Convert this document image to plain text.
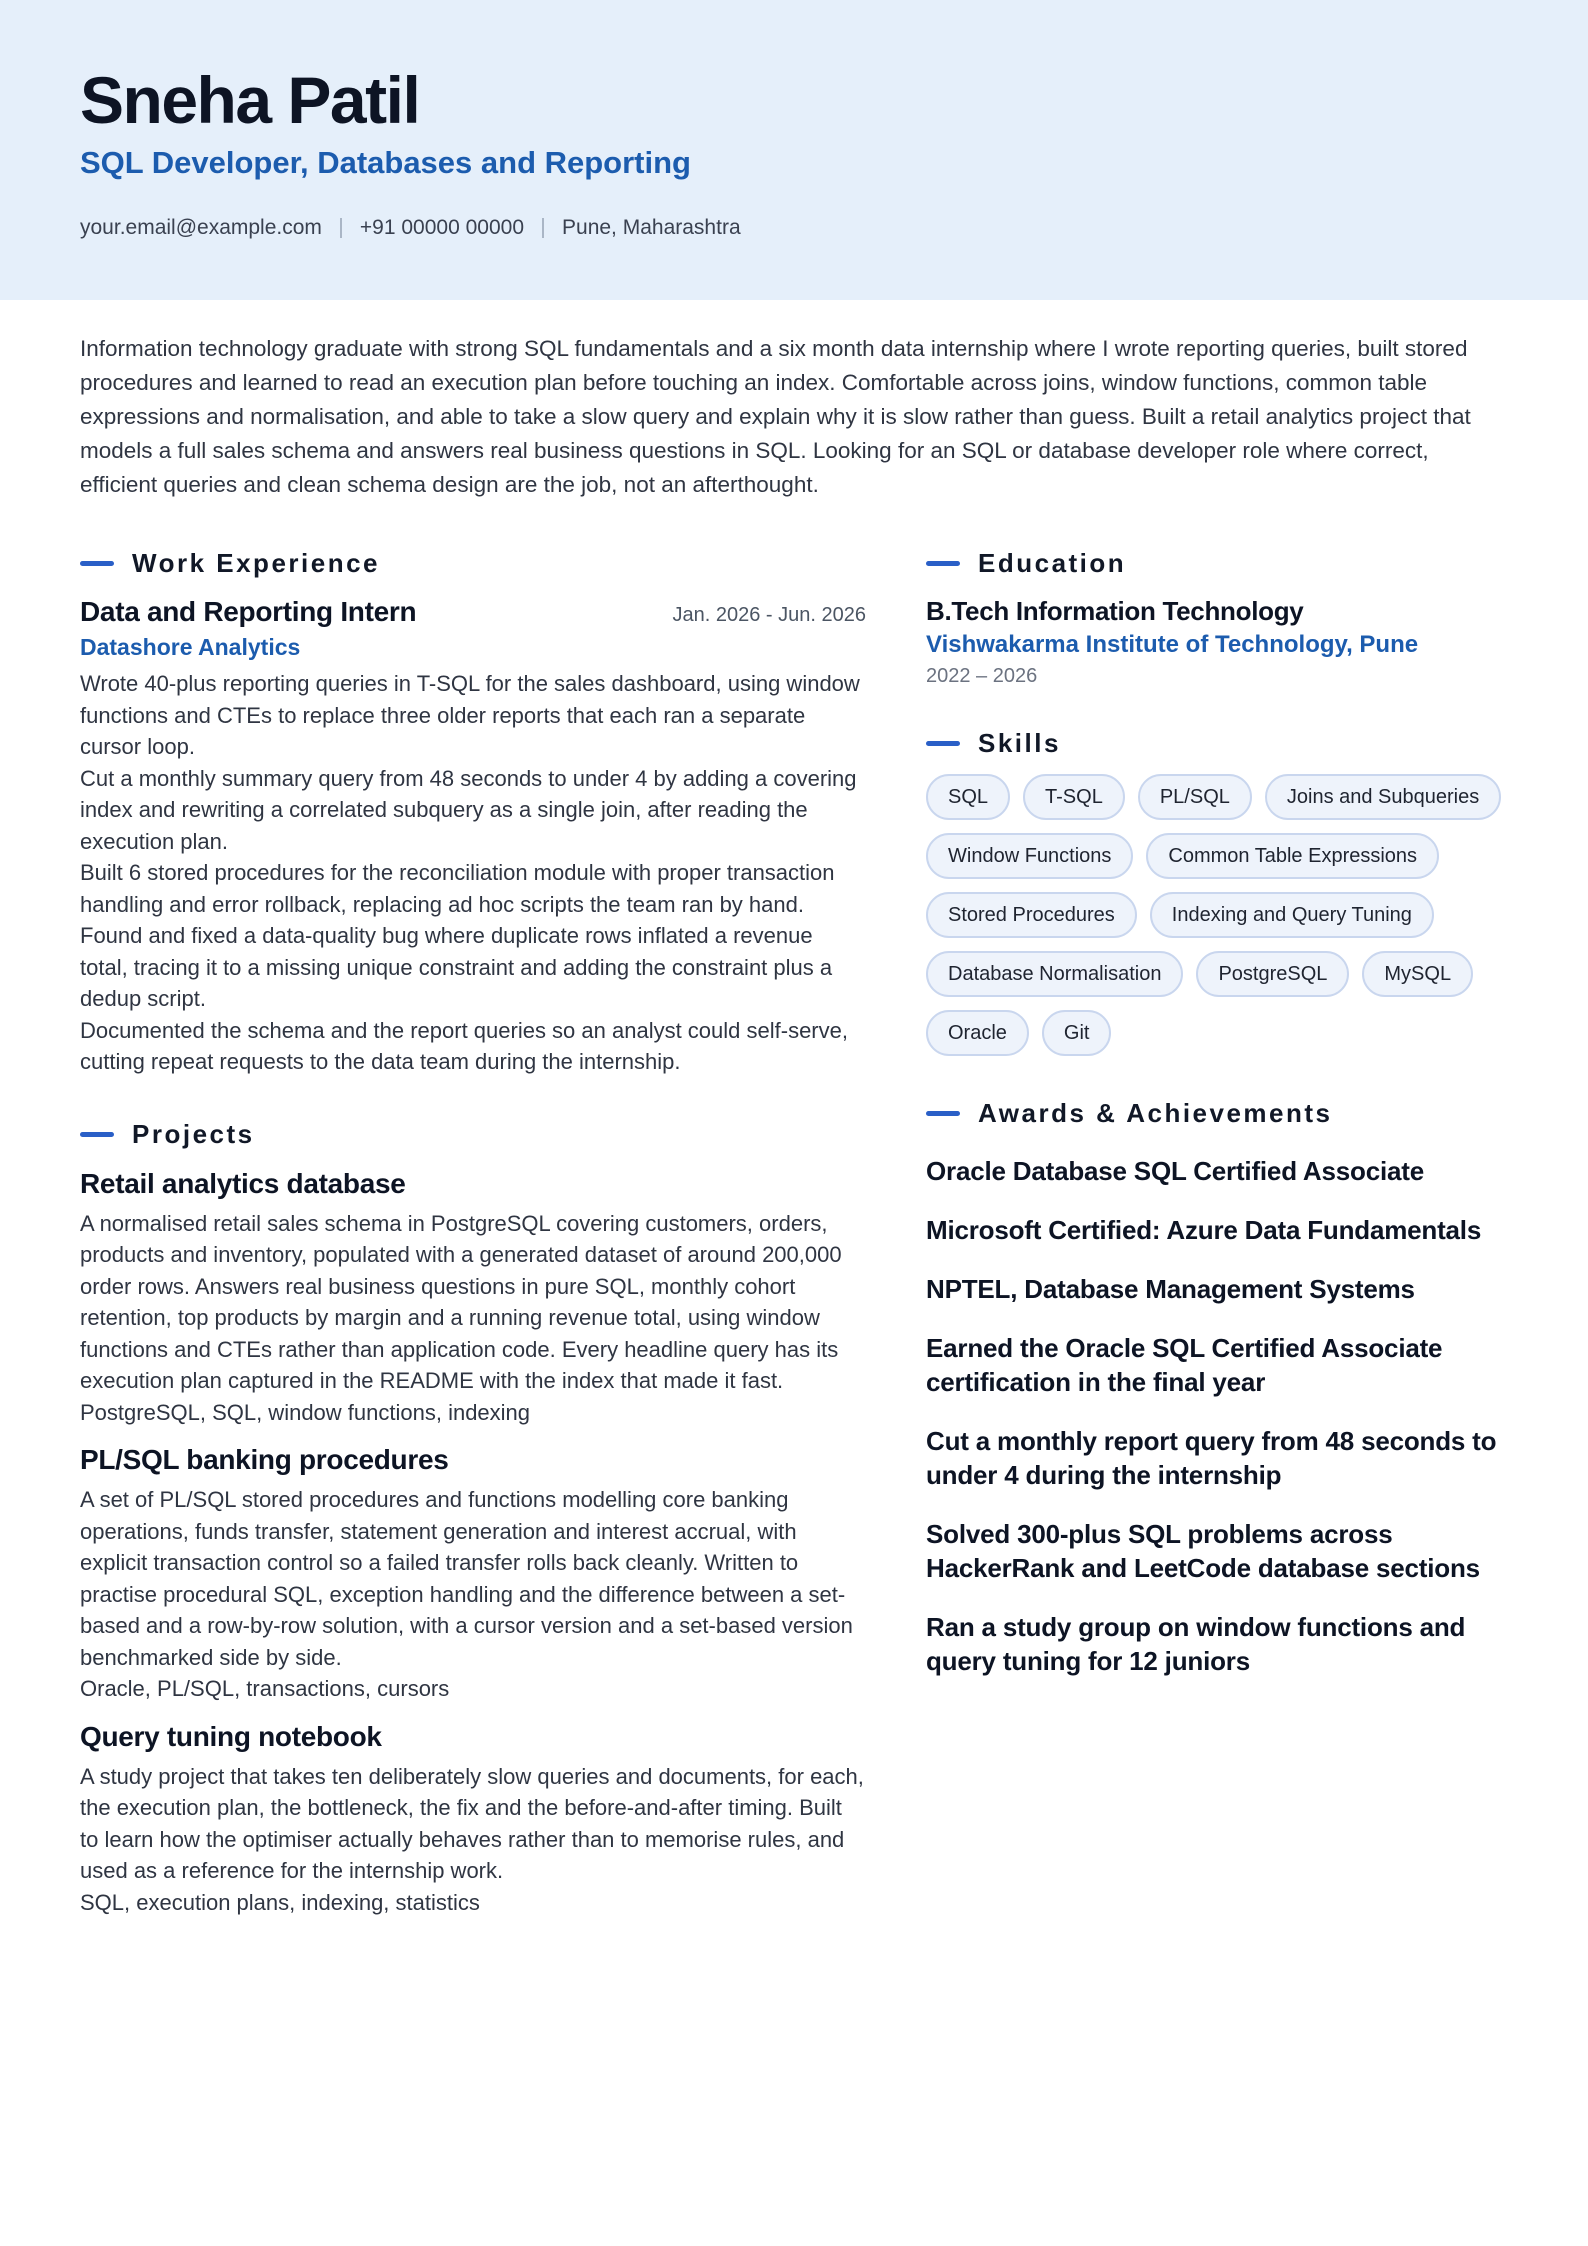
Sneha Patil
SQL Developer, Databases and Reporting
your.email@example.com +91 00000 00000 Pune, Maharashtra
Information technology graduate with strong SQL fundamentals and a six month data internship where I wrote reporting queries, built stored procedures and learned to read an execution plan before touching an index. Comfortable across joins, window functions, common table expressions and normalisation, and able to take a slow query and explain why it is slow rather than guess. Built a retail analytics project that models a full sales schema and answers real business questions in SQL. Looking for an SQL or database developer role where correct, efficient queries and clean schema design are the job, not an afterthought.
Work Experience
Data and Reporting Intern	Jan. 2026 - Jun. 2026
Datashore Analytics
Wrote 40-plus reporting queries in T-SQL for the sales dashboard, using window functions and CTEs to replace three older reports that each ran a separate cursor loop.
Cut a monthly summary query from 48 seconds to under 4 by adding a covering index and rewriting a correlated subquery as a single join, after reading the execution plan.
Built 6 stored procedures for the reconciliation module with proper transaction handling and error rollback, replacing ad hoc scripts the team ran by hand.
Found and fixed a data-quality bug where duplicate rows inflated a revenue total, tracing it to a missing unique constraint and adding the constraint plus a dedup script.
Documented the schema and the report queries so an analyst could self-serve, cutting repeat requests to the data team during the internship.
Projects
Retail analytics database
A normalised retail sales schema in PostgreSQL covering customers, orders, products and inventory, populated with a generated dataset of around 200,000 order rows. Answers real business questions in pure SQL, monthly cohort retention, top products by margin and a running revenue total, using window functions and CTEs rather than application code. Every headline query has its execution plan captured in the README with the index that made it fast.
PostgreSQL, SQL, window functions, indexing
PL/SQL banking procedures
A set of PL/SQL stored procedures and functions modelling core banking operations, funds transfer, statement generation and interest accrual, with explicit transaction control so a failed transfer rolls back cleanly. Written to practise procedural SQL, exception handling and the difference between a set-based and a row-by-row solution, with a cursor version and a set-based version benchmarked side by side.
Oracle, PL/SQL, transactions, cursors
Query tuning notebook
A study project that takes ten deliberately slow queries and documents, for each, the execution plan, the bottleneck, the fix and the before-and-after timing. Built to learn how the optimiser actually behaves rather than to memorise rules, and used as a reference for the internship work.
SQL, execution plans, indexing, statistics
Education
B.Tech Information Technology
Vishwakarma Institute of Technology, Pune
2022 – 2026
Skills
SQL	T-SQL	PL/SQL	Joins and Subqueries
Window Functions	Common Table Expressions
Stored Procedures	Indexing and Query Tuning
Database Normalisation	PostgreSQL	MySQL
Oracle	Git
Awards & Achievements
Oracle Database SQL Certified Associate
Microsoft Certified: Azure Data Fundamentals
NPTEL, Database Management Systems
Earned the Oracle SQL Certified Associate certification in the final year
Cut a monthly report query from 48 seconds to under 4 during the internship
Solved 300-plus SQL problems across HackerRank and LeetCode database sections
Ran a study group on window functions and query tuning for 12 juniors
